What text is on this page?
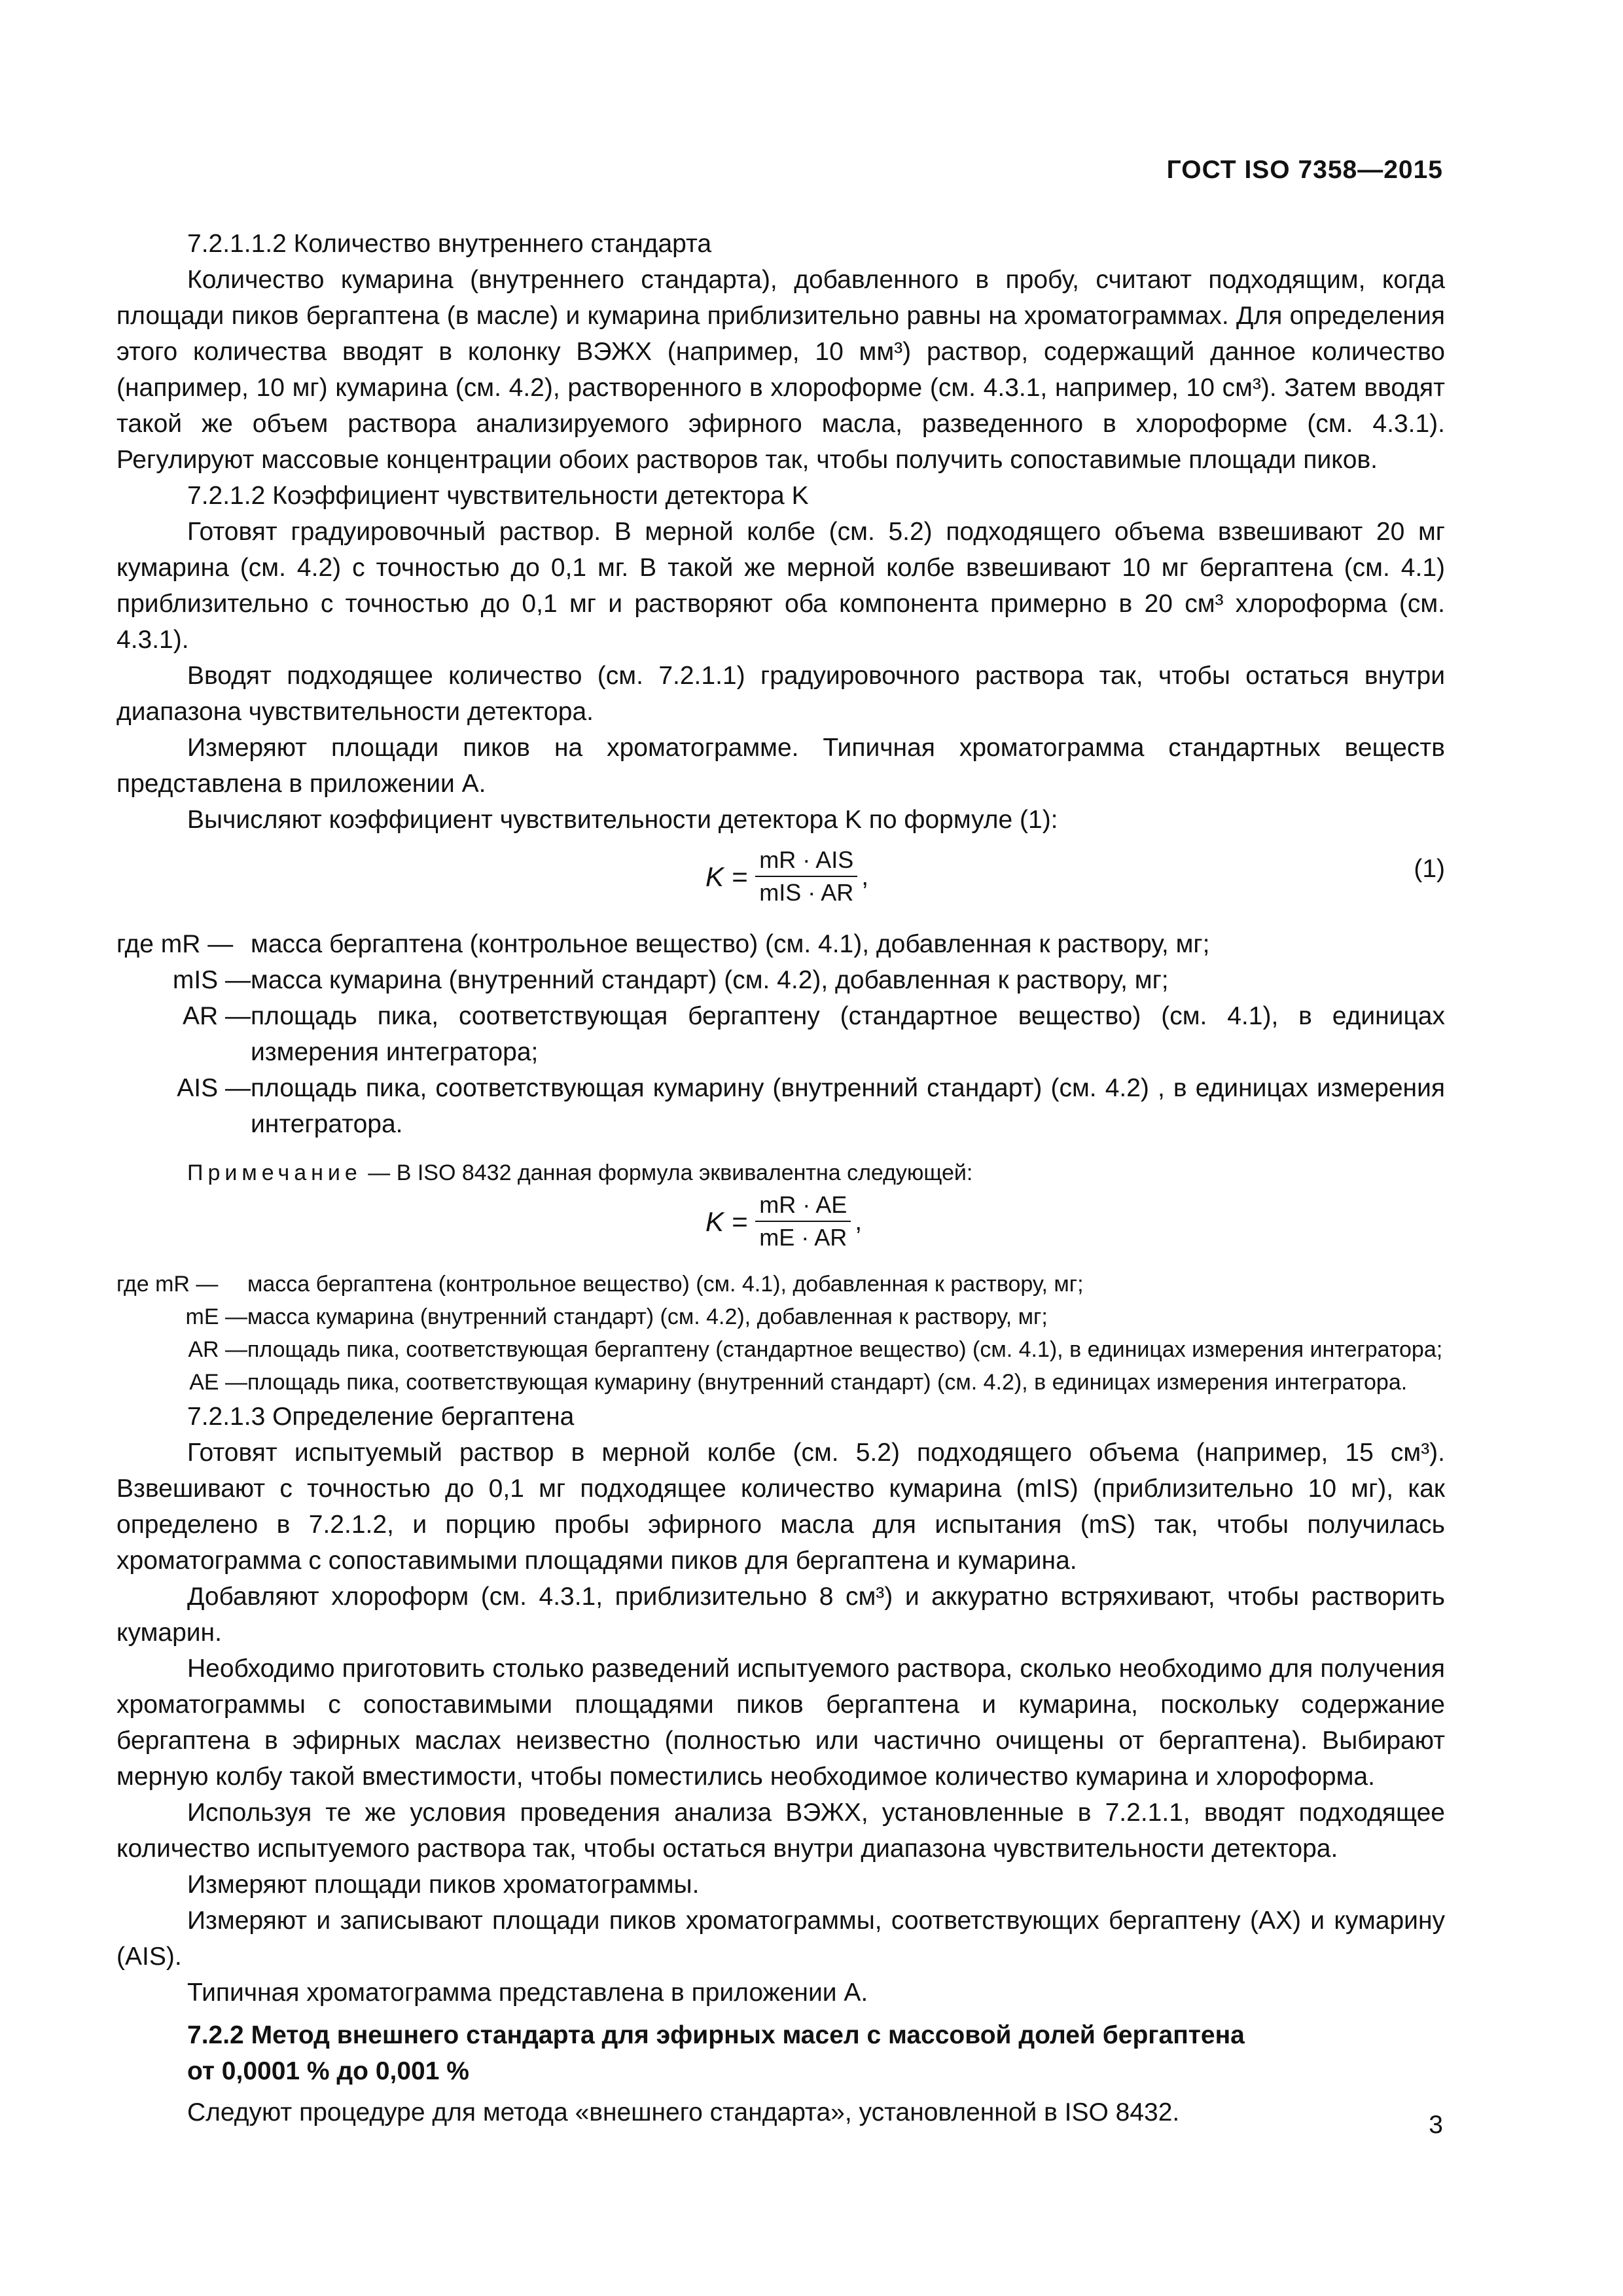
ГОСТ ISO 7358—2015

7.2.1.1.2 Количество внутреннего стандарта

Количество кумарина (внутреннего стандарта), добавленного в пробу, считают подходящим, когда площади пиков бергаптена (в масле) и кумарина приблизительно равны на хроматограммах. Для определения этого количества вводят в колонку ВЭЖХ (например, 10 мм³) раствор, содержащий данное количество (например, 10 мг) кумарина (см. 4.2), растворенного в хлороформе (см. 4.3.1, например, 10 см³). Затем вводят такой же объем раствора анализируемого эфирного масла, разведенного в хлороформе (см. 4.3.1). Регулируют массовые концентрации обоих растворов так, чтобы получить сопоставимые площади пиков.

7.2.1.2 Коэффициент чувствительности детектора K

Готовят градуировочный раствор. В мерной колбе (см. 5.2) подходящего объема взвешивают 20 мг кумарина (см. 4.2) с точностью до 0,1 мг. В такой же мерной колбе взвешивают 10 мг бергаптена (см. 4.1) приблизительно с точностью до 0,1 мг и растворяют оба компонента примерно в 20 см³ хлороформа (см. 4.3.1).

Вводят подходящее количество (см. 7.2.1.1) градуировочного раствора так, чтобы остаться внутри диапазона чувствительности детектора.

Измеряют площади пиков на хроматограмме. Типичная хроматограмма стандартных веществ представлена в приложении А.

Вычисляют коэффициент чувствительности детектора K по формуле (1):

$K = \frac{\text{mR · AIS}}{\text{mIS · AR}}$ ,	(1)
где mR — масса бергаптена (контрольное вещество) (см. 4.1), добавленная к раствору, мг;
mIS — масса кумарина (внутренний стандарт) (см. 4.2), добавленная к раствору, мг;
AR — площадь пика, соответствующая бергаптену (стандартное вещество) (см. 4.1), в единицах измерения интегратора;
AIS — площадь пика, соответствующая кумарину (внутренний стандарт) (см. 4.2) , в единицах измерения интегратора.

Примечание — В ISO 8432 данная формула эквивалентна следующей:

$K = \frac{mR \cdot AE}{mE \cdot AR}$ ,
где mR —	масса бергаптена (контрольное вещество) (см. 4.1), добавленная к раствору, мг;
mE — масса кумарина (внутренний стандарт) (см. 4.2), добавленная к раствору, мг;
AR — площадь пика, соответствующая бергаптену (стандартное вещество) (см. 4.1), в единицах измерения интегратора;
AE — площадь пика, соответствующая кумарину (внутренний стандарт) (см. 4.2), в единицах измерения интегратора.

7.2.1.3 Определение бергаптена

Готовят испытуемый раствор в мерной колбе (см. 5.2) подходящего объема (например, 15 см³). Взвешивают с точностью до 0,1 мг подходящее количество кумарина (mIS) (приблизительно 10 мг), как определено в 7.2.1.2, и порцию пробы эфирного масла для испытания (mS) так, чтобы получилась хроматограмма с сопоставимыми площадями пиков для бергаптена и кумарина.

Добавляют хлороформ (см. 4.3.1, приблизительно 8 см³) и аккуратно встряхивают, чтобы растворить кумарин.

Необходимо приготовить столько разведений испытуемого раствора, сколько необходимо для получения хроматограммы с сопоставимыми площадями пиков бергаптена и кумарина, поскольку содержание бергаптена в эфирных маслах неизвестно (полностью или частично очищены от бергаптена). Выбирают мерную колбу такой вместимости, чтобы поместились необходимое количество кумарина и хлороформа.

Используя те же условия проведения анализа ВЭЖХ, установленные в 7.2.1.1, вводят подходящее количество испытуемого раствора так, чтобы остаться внутри диапазона чувствительности детектора.

Измеряют площади пиков хроматограммы.

Измеряют и записывают площади пиков хроматограммы, соответствующих бергаптену (AX) и кумарину (AIS).

Типичная хроматограмма представлена в приложении А.

7.2.2 Метод внешнего стандарта для эфирных масел с массовой долей бергаптена
от 0,0001 % до 0,001 %

Следуют процедуре для метода «внешнего стандарта», установленной в ISO 8432.	3
